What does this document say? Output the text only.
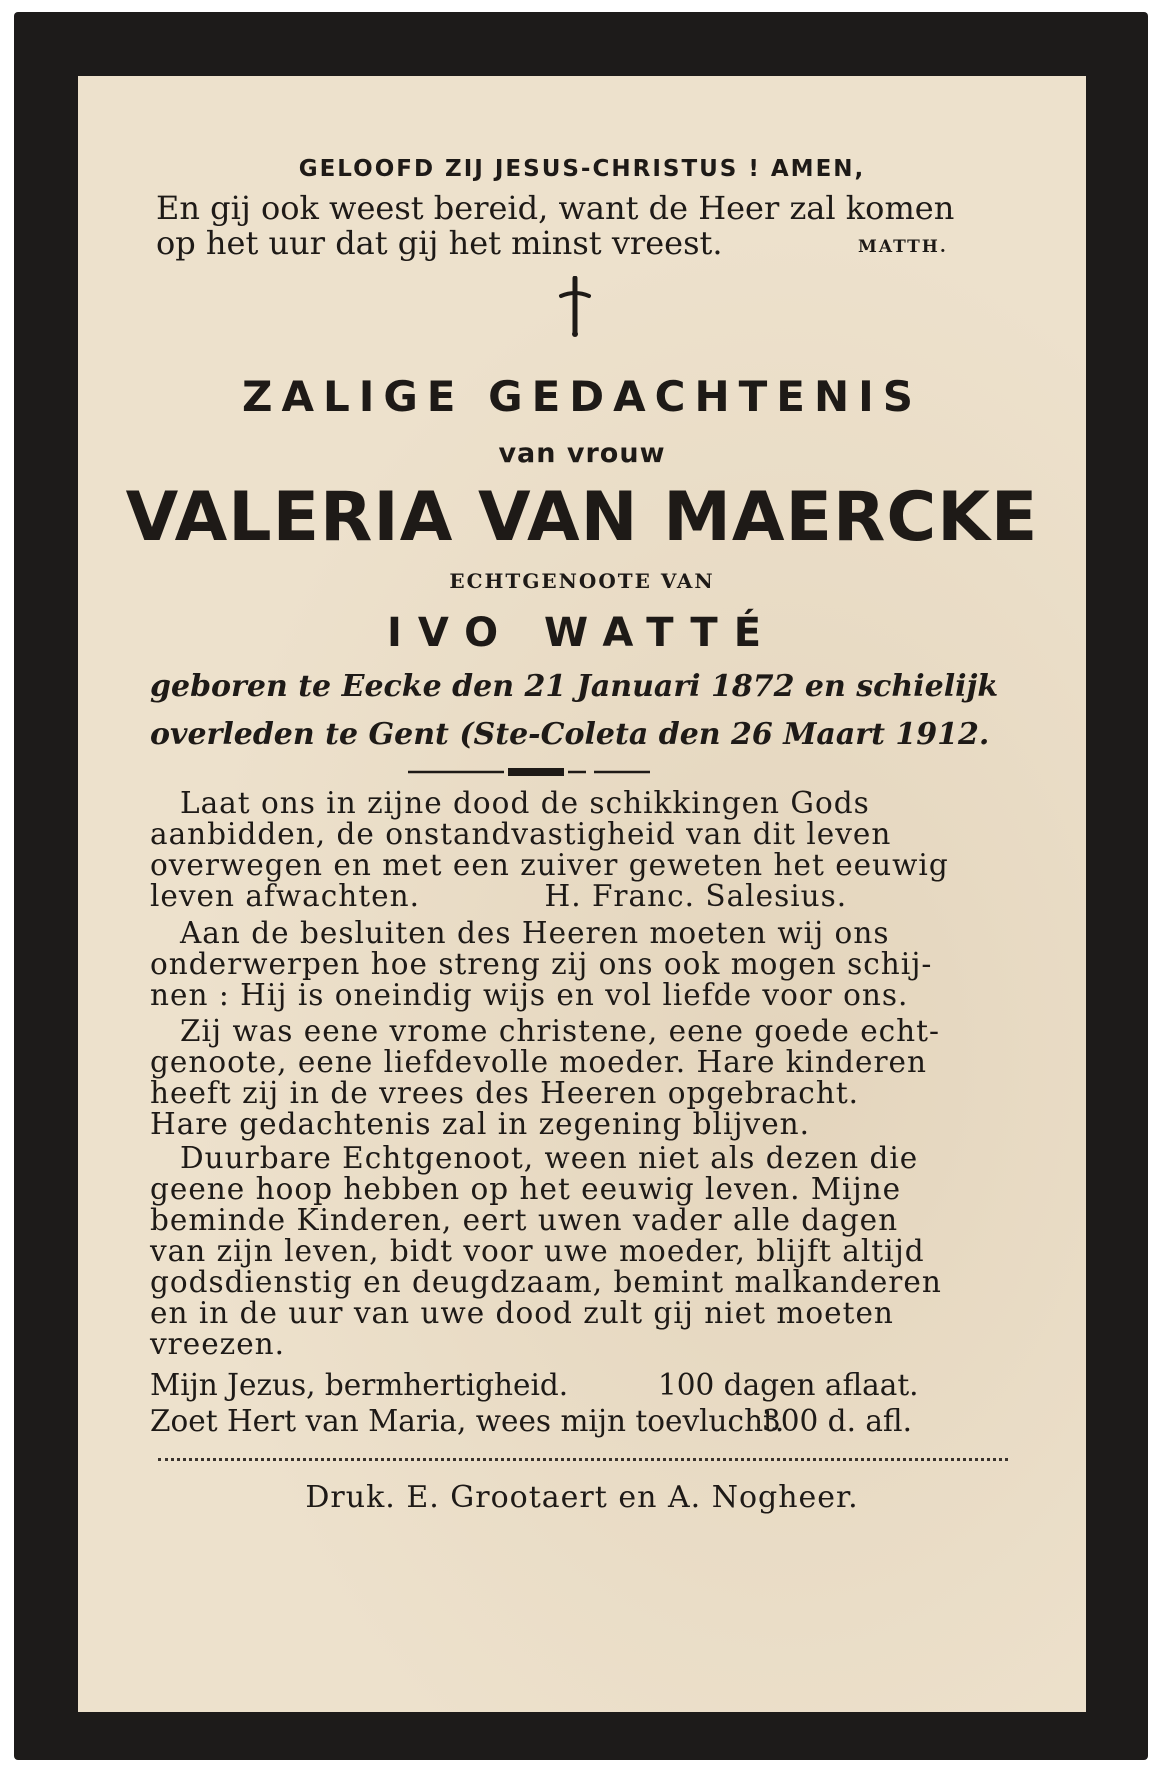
GELOOFD ZIJ JESUS-CHRISTUS ! AMEN,
En gij ook weest bereid, want de Heer zal komen
op het uur dat gij het minst vreest.	MATTH.
ZALIGE GEDACHTENIS
van vrouw
VALERIA VAN MAERCKE
ECHTGENOOTE VAN
IVO WATTÉ
geboren te Eecke den 21 Januari 1872 en schielijk
overleden te Gent (Ste-Coleta den 26 Maart 1912.
Laat ons in zijne dood de schikkingen Gods
aanbidden, de onstandvastigheid van dit leven
overwegen en met een zuiver geweten het eeuwig
leven afwachten.            H. Franc. Salesius.
Aan de besluiten des Heeren moeten wij ons
onderwerpen hoe streng zij ons ook mogen schij-
nen : Hij is oneindig wijs en vol liefde voor ons.
Zij was eene vrome christene, eene goede echt-
genoote, eene liefdevolle moeder. Hare kinderen
heeft zij in de vrees des Heeren opgebracht.
Hare gedachtenis zal in zegening blijven.
Duurbare Echtgenoot, ween niet als dezen die
geene hoop hebben op het eeuwig leven. Mijne
beminde Kinderen, eert uwen vader alle dagen
van zijn leven, bidt voor uwe moeder, blijft altijd
godsdienstig en deugdzaam, bemint malkanderen
en in de uur van uwe dood zult gij niet moeten
vreezen.
Mijn Jezus, bermhertigheid.	100 dagen aflaat.
Druk. E. Grootaert en A. Nogheer.
Zoet Hert van Maria, wees mijn toevlucht.
300 d. afl.
